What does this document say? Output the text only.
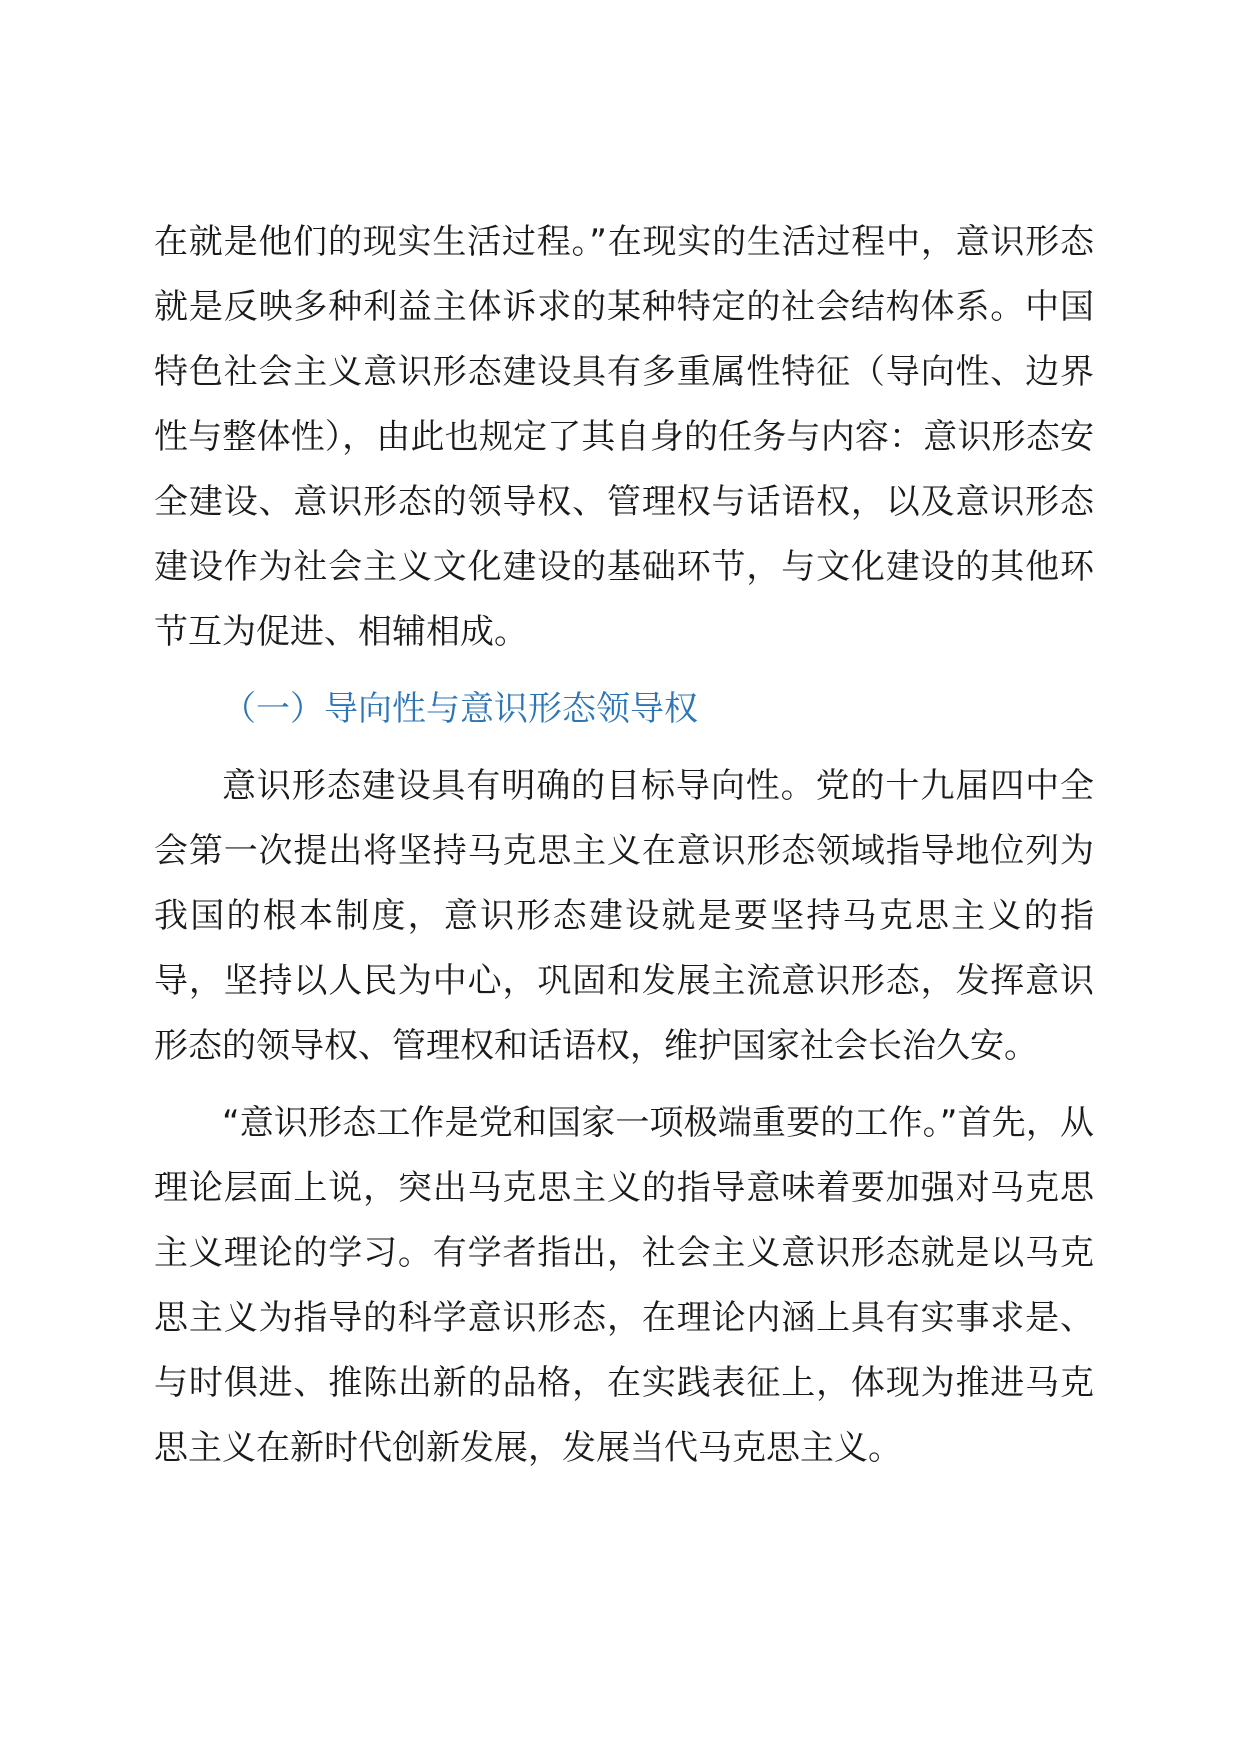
在就是他们的现实生活过程。”在现实的生活过程中，意识形态就是反映多种利益主体诉求的某种特定的社会结构体系。中国特色社会主义意识形态建设具有多重属性特征（导向性、边界性与整体性），由此也规定了其自身的任务与内容：意识形态安全建设、意识形态的领导权、管理权与话语权，以及意识形态建设作为社会主义文化建设的基础环节，与文化建设的其他环节互为促进、相辅相成。

（一）导向性与意识形态领导权

意识形态建设具有明确的目标导向性。党的十九届四中全会第一次提出将坚持马克思主义在意识形态领域指导地位列为我国的根本制度，意识形态建设就是要坚持马克思主义的指导，坚持以人民为中心，巩固和发展主流意识形态，发挥意识形态的领导权、管理权和话语权，维护国家社会长治久安。

“意识形态工作是党和国家一项极端重要的工作。”首先，从理论层面上说，突出马克思主义的指导意味着要加强对马克思主义理论的学习。有学者指出，社会主义意识形态就是以马克思主义为指导的科学意识形态，在理论内涵上具有实事求是、与时俱进、推陈出新的品格，在实践表征上，体现为推进马克思主义在新时代创新发展，发展当代马克思主义。
